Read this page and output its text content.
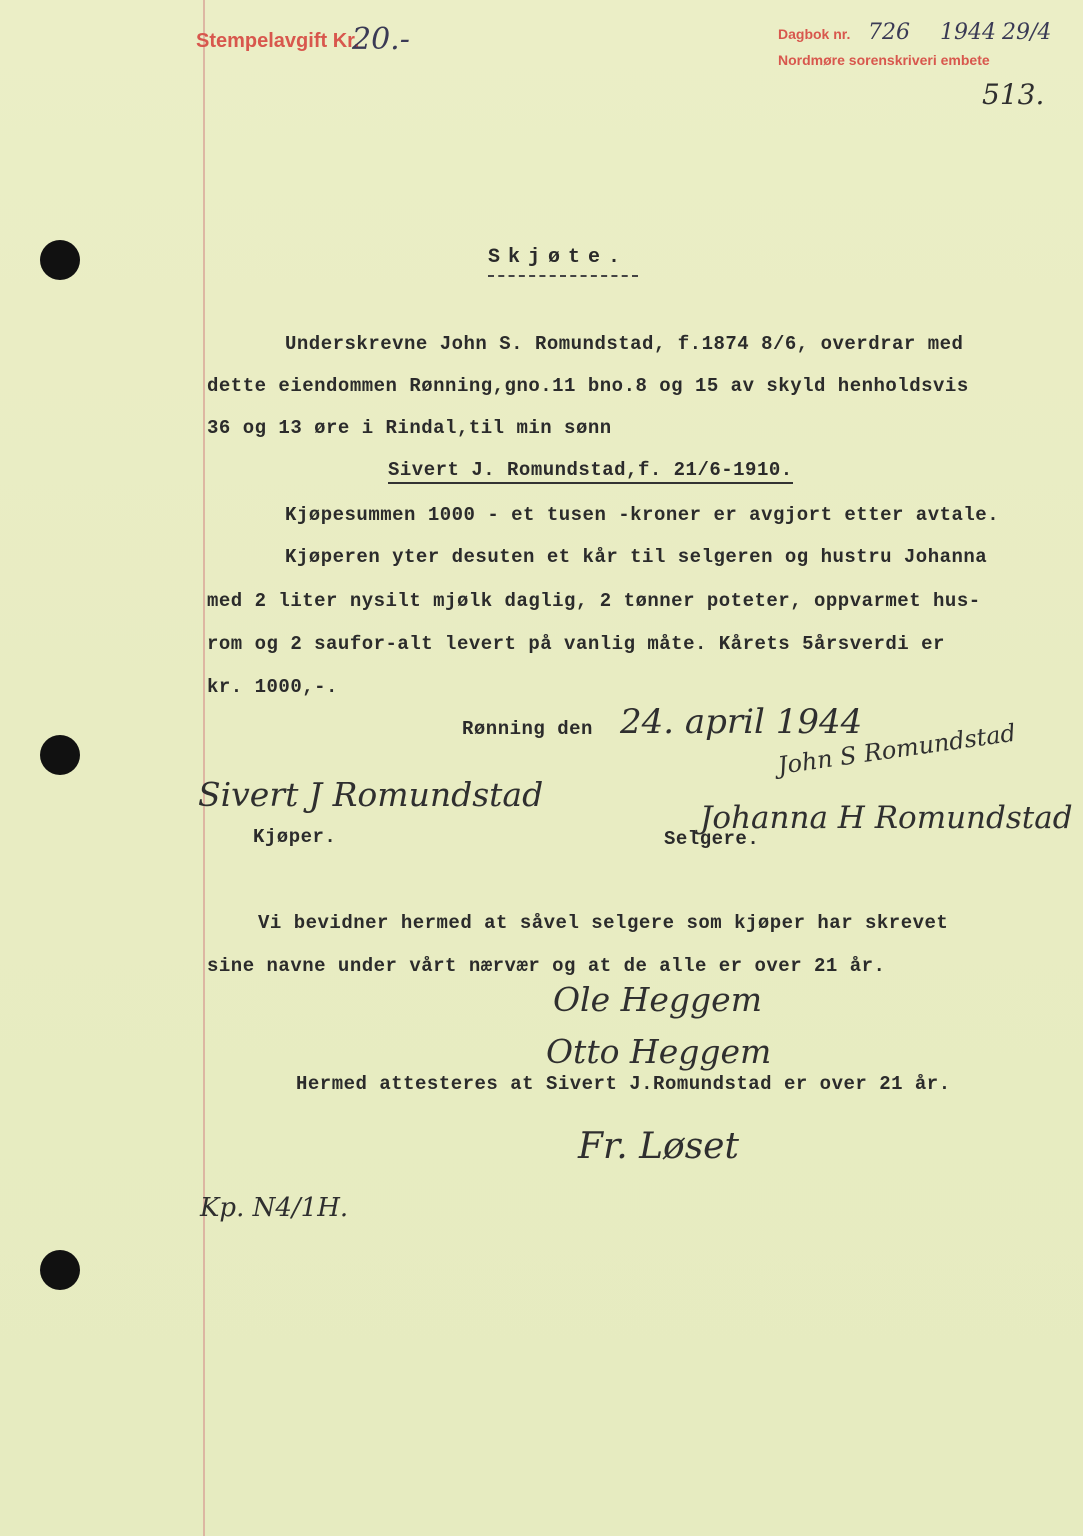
Stempelavgift Kr.
20.-	Dagbok nr. 726 1944 29/4
Nordmøre sorenskriveri embete
513.
Skjøte.
Underskrevne John S. Romundstad, f.1874 8/6, overdrar med
dette eiendommen Rønning,gno.11 bno.8 og 15 av skyld henholdsvis
36 og 13 øre i Rindal,til min sønn
Sivert J. Romundstad,f. 21/6-1910.
Kjøpesummen 1000 - et tusen -kroner er avgjort etter avtale.
Kjøperen yter desuten et kår til selgeren og hustru Johanna
med 2 liter nysilt mjølk daglig, 2 tønner poteter, oppvarmet hus-
rom og 2 saufor-alt levert på vanlig måte. Kårets 5årsverdi er
kr. 1000,-.
Rønning den 24. april 1944
Sivert J Romundstad
Kjøper.
John S Romundstad
Johanna H Romundstad
Selgere.
Vi bevidner hermed at såvel selgere som kjøper har skrevet
sine navne under vårt nærvær og at de alle er over 21 år.
Ole Heggem
Otto Heggem
Hermed attesteres at Sivert J.Romundstad er over 21 år.
Fr. Løset
Kp. N4/1H.
